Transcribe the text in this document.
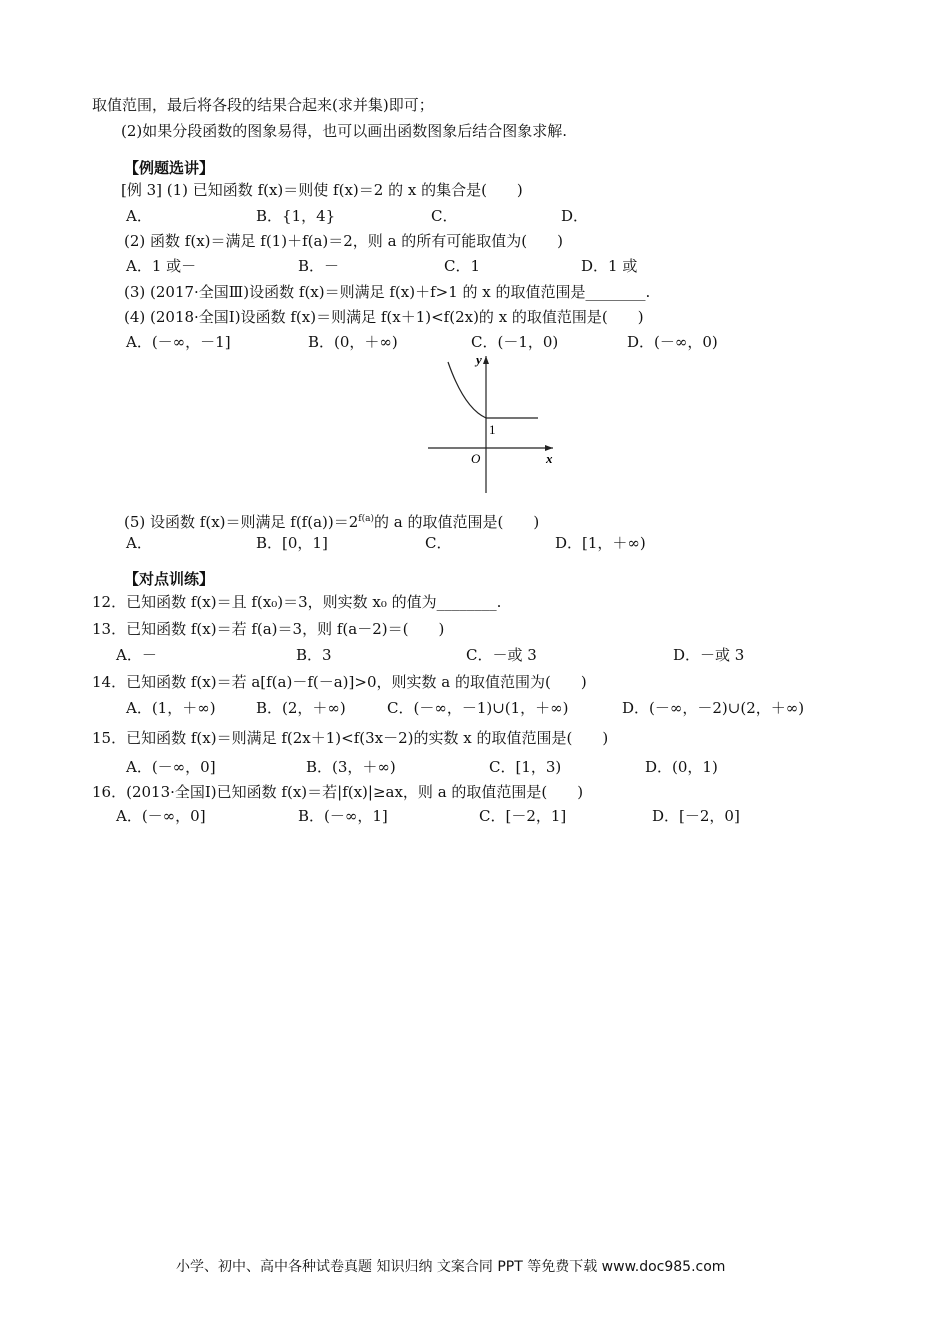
取值范围，最后将各段的结果合起来(求并集)即可；
(2)如果分段函数的图象易得，也可以画出函数图象后结合图象求解.
【例题选讲】
[例 3] (1) 已知函数 f(x)＝则使 f(x)＝2 的 x 的集合是(　　)
A．	B．{1，4}	C．	D．
(2) 函数 f(x)＝满足 f(1)＋f(a)＝2，则 a 的所有可能取值为(　　)
A．1 或－	B．－	C．1	D．1 或
(3) (2017·全国Ⅲ)设函数 f(x)＝则满足 f(x)＋f>1 的 x 的取值范围是________.
(4) (2018·全国Ⅰ)设函数 f(x)＝则满足 f(x＋1)<f(2x)的 x 的取值范围是(　　)
A．(－∞，－1]	B．(0，＋∞)	C．(－1，0)	D．(－∞，0)
y
x
O
1
(5) 设函数 f(x)＝则满足 $f(f(a))=2^{f(a)}$的 a 的取值范围是(　　)
A．	B．[0，1]	C．	D．[1，＋∞)
【对点训练】
12．已知函数 f(x)＝且 f(x₀)＝3，则实数 x₀ 的值为________.
13．已知函数 f(x)＝若 f(a)＝3，则 f(a－2)＝(　　)
A．－	B．3	C．－或 3	D．－或 3
14．已知函数 f(x)＝若 a[f(a)－f(－a)]>0，则实数 a 的取值范围为(　　)
A．(1，＋∞)	B．(2，＋∞)	C．(－∞，－1)∪(1，＋∞)	D．(－∞，－2)∪(2，＋∞)
15．已知函数 f(x)＝则满足 f(2x＋1)<f(3x－2)的实数 x 的取值范围是(　　)
A．(－∞，0]	B．(3，＋∞)	C．[1，3)	D．(0，1)
16．(2013·全国Ⅰ)已知函数 f(x)＝若|f(x)|≥ax，则 a 的取值范围是(　　)
A．(－∞，0]	B．(－∞，1]	C．[－2，1]	D．[－2，0]
小学、初中、高中各种试卷真题 知识归纳 文案合同 PPT 等免费下载 www.doc985.com
